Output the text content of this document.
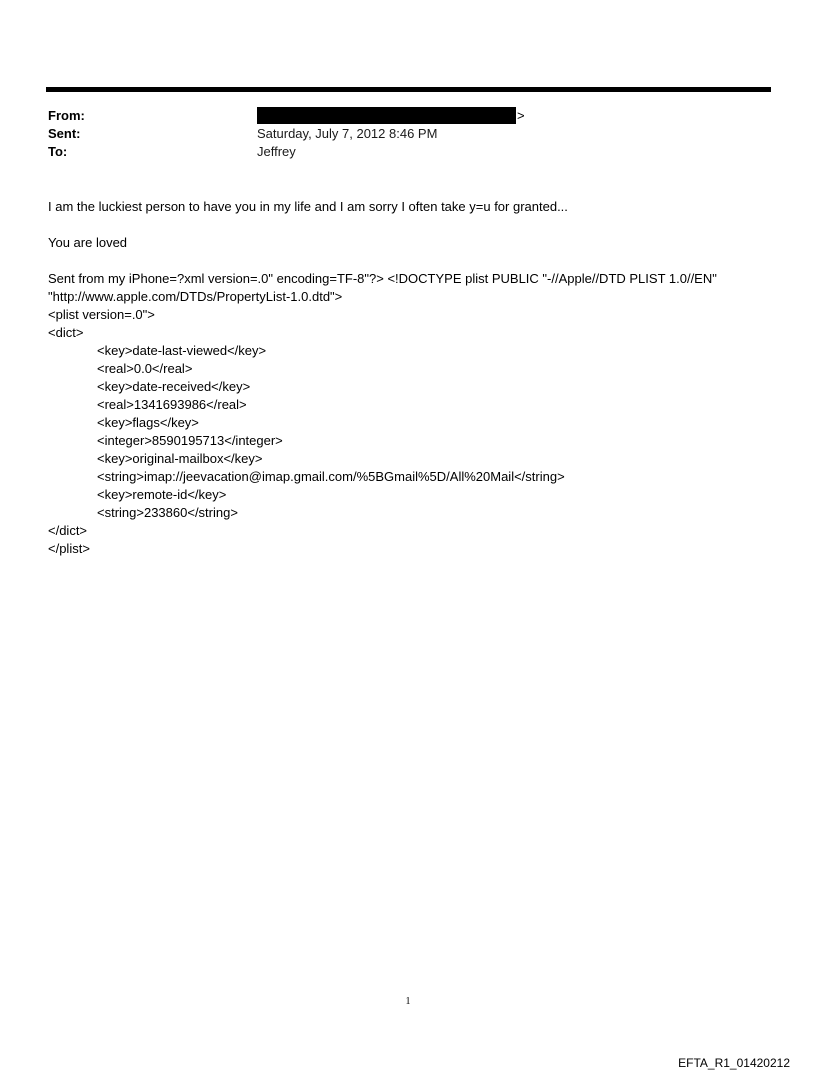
From:	>
Sent:	Saturday, July 7, 2012 8:46 PM
To:	Jeffrey
I am the luckiest person to have you in my life and I am sorry I often take y=u for granted...
You are loved
Sent from my iPhone=?xml version=.0" encoding=TF-8"?> <!DOCTYPE plist PUBLIC "-//Apple//DTD PLIST 1.0//EN"
"http://www.apple.com/DTDs/PropertyList-1.0.dtd">
<plist version=.0">
<dict>
<key>date-last-viewed</key>
<real>0.0</real>
<key>date-received</key>
<real>1341693986</real>
<key>flags</key>
<integer>8590195713</integer>
<key>original-mailbox</key>
<string>imap://jeevacation@imap.gmail.com/%5BGmail%5D/All%20Mail</string>
<key>remote-id</key>
<string>233860</string>
</dict>
</plist>
1
EFTA_R1_01420212
